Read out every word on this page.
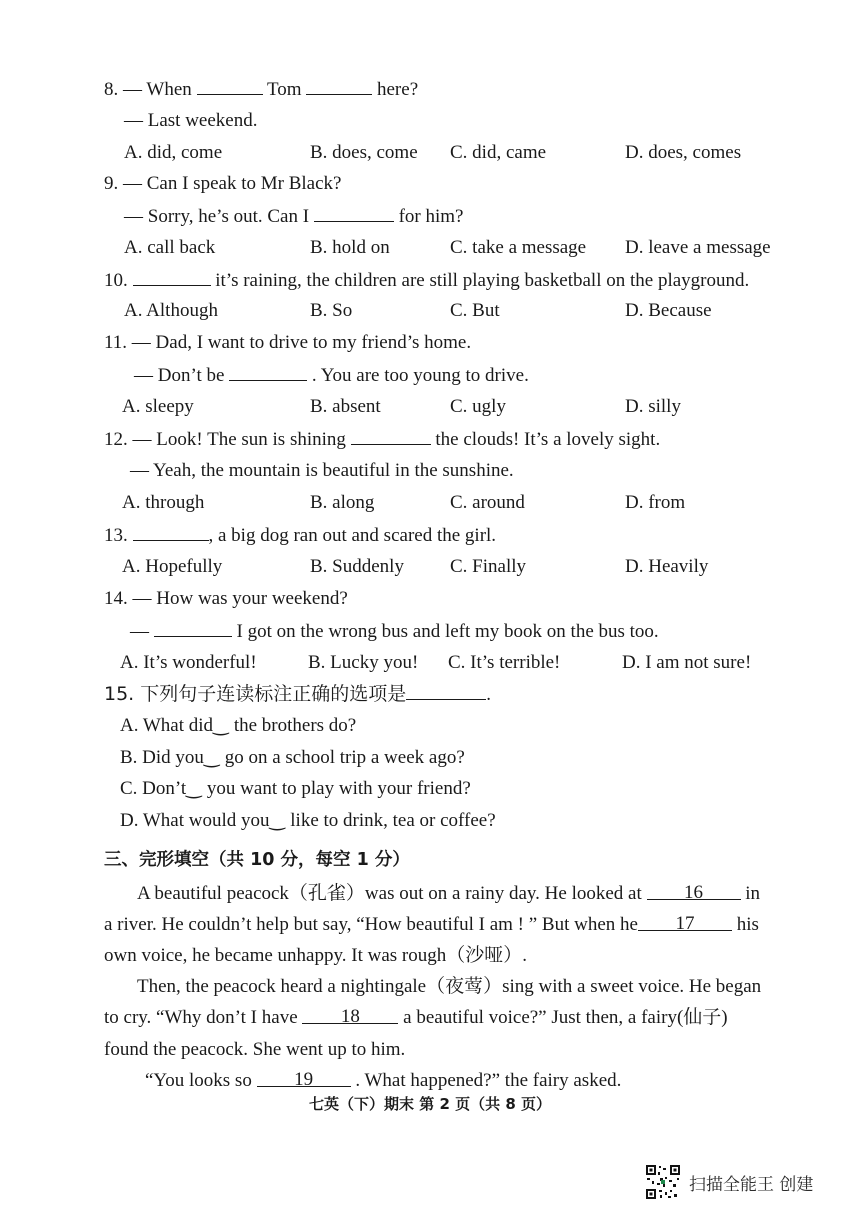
8. — When	Tom	here?
— Last weekend.
A. did, come	B. does, come C. did, came	D. does, comes
9. — Can I speak to Mr Black?
— Sorry, he’s out. Can I	for him?
A. call back	B. hold on	C. take a message D. leave a message
10.	it’s raining, the children are still playing basketball on the playground.
A. Although	B. So	C. But	D. Because
11. — Dad, I want to drive to my friend’s home.
— Don’t be	. You are too young to drive.
A. sleepy	B. absent	C. ugly	D. silly
12. — Look! The sun is shining	the clouds! It’s a lovely sight.
— Yeah, the mountain is beautiful in the sunshine.
A. through	B. along	C. around	D. from
13.	, a big dog ran out and scared the girl.
A. Hopefully	B. Suddenly C. Finally	D. Heavily
14. — How was your weekend?
—	I got on the wrong bus and left my book on the bus too.
A. It’s wonderful!	B. Lucky you! C. It’s terrible!	D. I am not sure!
15. 下列句子连读标注正确的选项是	.
A. What did‿ the brothers do?
B. Did you‿ go on a school trip a week ago?
C. Don’t‿ you want to play with your friend?
D. What would you‿ like to drink, tea or coffee?
三、完形填空（共 10 分，每空 1 分）
A beautiful peacock（孔雀）was out on a rainy day. He looked at 16 in
a river. He couldn’t help but say, “How beautiful I am ! ” But when he 17 his
own voice, he became unhappy. It was rough（沙哑）.
Then, the peacock heard a nightingale（夜莺）sing with a sweet voice. He began
to cry. “Why don’t I have 18 a beautiful voice?” Just then, a fairy(仙子)
found the peacock. She went up to him.
“You looks so 19 . What happened?” the fairy asked.
七英（下）期末 第 2 页（共 8 页）
扫描全能王 创建
